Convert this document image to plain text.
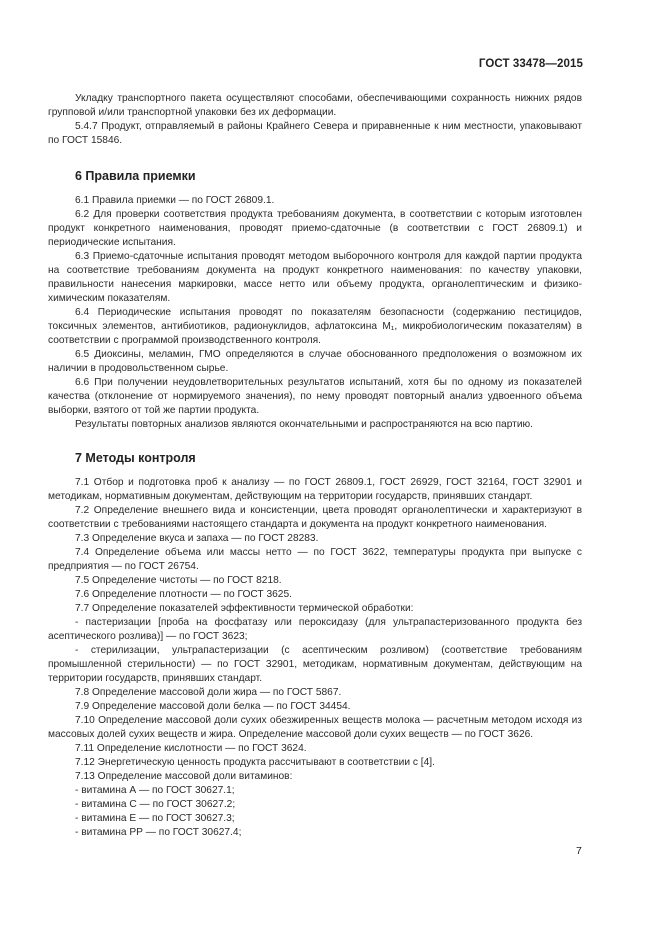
ГОСТ 33478—2015

Укладку транспортного пакета осуществляют способами, обеспечивающими сохранность нижних рядов групповой и/или транспортной упаковки без их деформации.

5.4.7 Продукт, отправляемый в районы Крайнего Севера и приравненные к ним местности, упаковывают по ГОСТ 15846.

6 Правила приемки

6.1 Правила приемки — по ГОСТ 26809.1.

6.2 Для проверки соответствия продукта требованиям документа, в соответствии с которым изготовлен продукт конкретного наименования, проводят приемо-сдаточные (в соответствии с ГОСТ 26809.1) и периодические испытания.

6.3 Приемо-сдаточные испытания проводят методом выборочного контроля для каждой партии продукта на соответствие требованиям документа на продукт конкретного наименования: по качеству упаковки, правильности нанесения маркировки, массе нетто или объему продукта, органолептическим и физико-химическим показателям.

6.4 Периодические испытания проводят по показателям безопасности (содержанию пестицидов, токсичных элементов, антибиотиков, радионуклидов, афлатоксина M₁, микробиологическим показателям) в соответствии с программой производственного контроля.

6.5 Диоксины, меламин, ГМО определяются в случае обоснованного предположения о возможном их наличии в продовольственном сырье.

6.6 При получении неудовлетворительных результатов испытаний, хотя бы по одному из показателей качества (отклонение от нормируемого значения), по нему проводят повторный анализ удвоенного объема выборки, взятого от той же партии продукта.

Результаты повторных анализов являются окончательными и распространяются на всю партию.

7 Методы контроля

7.1 Отбор и подготовка проб к анализу — по ГОСТ 26809.1, ГОСТ 26929, ГОСТ 32164, ГОСТ 32901 и методикам, нормативным документам, действующим на территории государств, принявших стандарт.

7.2 Определение внешнего вида и консистенции, цвета проводят органолептически и характеризуют в соответствии с требованиями настоящего стандарта и документа на продукт конкретного наименования.

7.3 Определение вкуса и запаха — по ГОСТ 28283.

7.4 Определение объема или массы нетто — по ГОСТ 3622, температуры продукта при выпуске с предприятия — по ГОСТ 26754.

7.5 Определение чистоты — по ГОСТ 8218.

7.6 Определение плотности — по ГОСТ 3625.

7.7 Определение показателей эффективности термической обработки:

- пастеризации [проба на фосфатазу или пероксидазу (для ультрапастеризованного продукта без асептического розлива)] — по ГОСТ 3623;

- стерилизации, ультрапастеризации (с асептическим розливом) (соответствие требованиям промышленной стерильности) — по ГОСТ 32901, методикам, нормативным документам, действующим на территории государств, принявших стандарт.

7.8 Определение массовой доли жира — по ГОСТ 5867.

7.9 Определение массовой доли белка — по ГОСТ 34454.

7.10 Определение массовой доли сухих обезжиренных веществ молока — расчетным методом исходя из массовых долей сухих веществ и жира. Определение массовой доли сухих веществ — по ГОСТ 3626.

7.11 Определение кислотности — по ГОСТ 3624.

7.12 Энергетическую ценность продукта рассчитывают в соответствии с [4].

7.13 Определение массовой доли витаминов:

- витамина А — по ГОСТ 30627.1;

- витамина С — по ГОСТ 30627.2;

- витамина Е — по ГОСТ 30627.3;

- витамина РР — по ГОСТ 30627.4;

7
